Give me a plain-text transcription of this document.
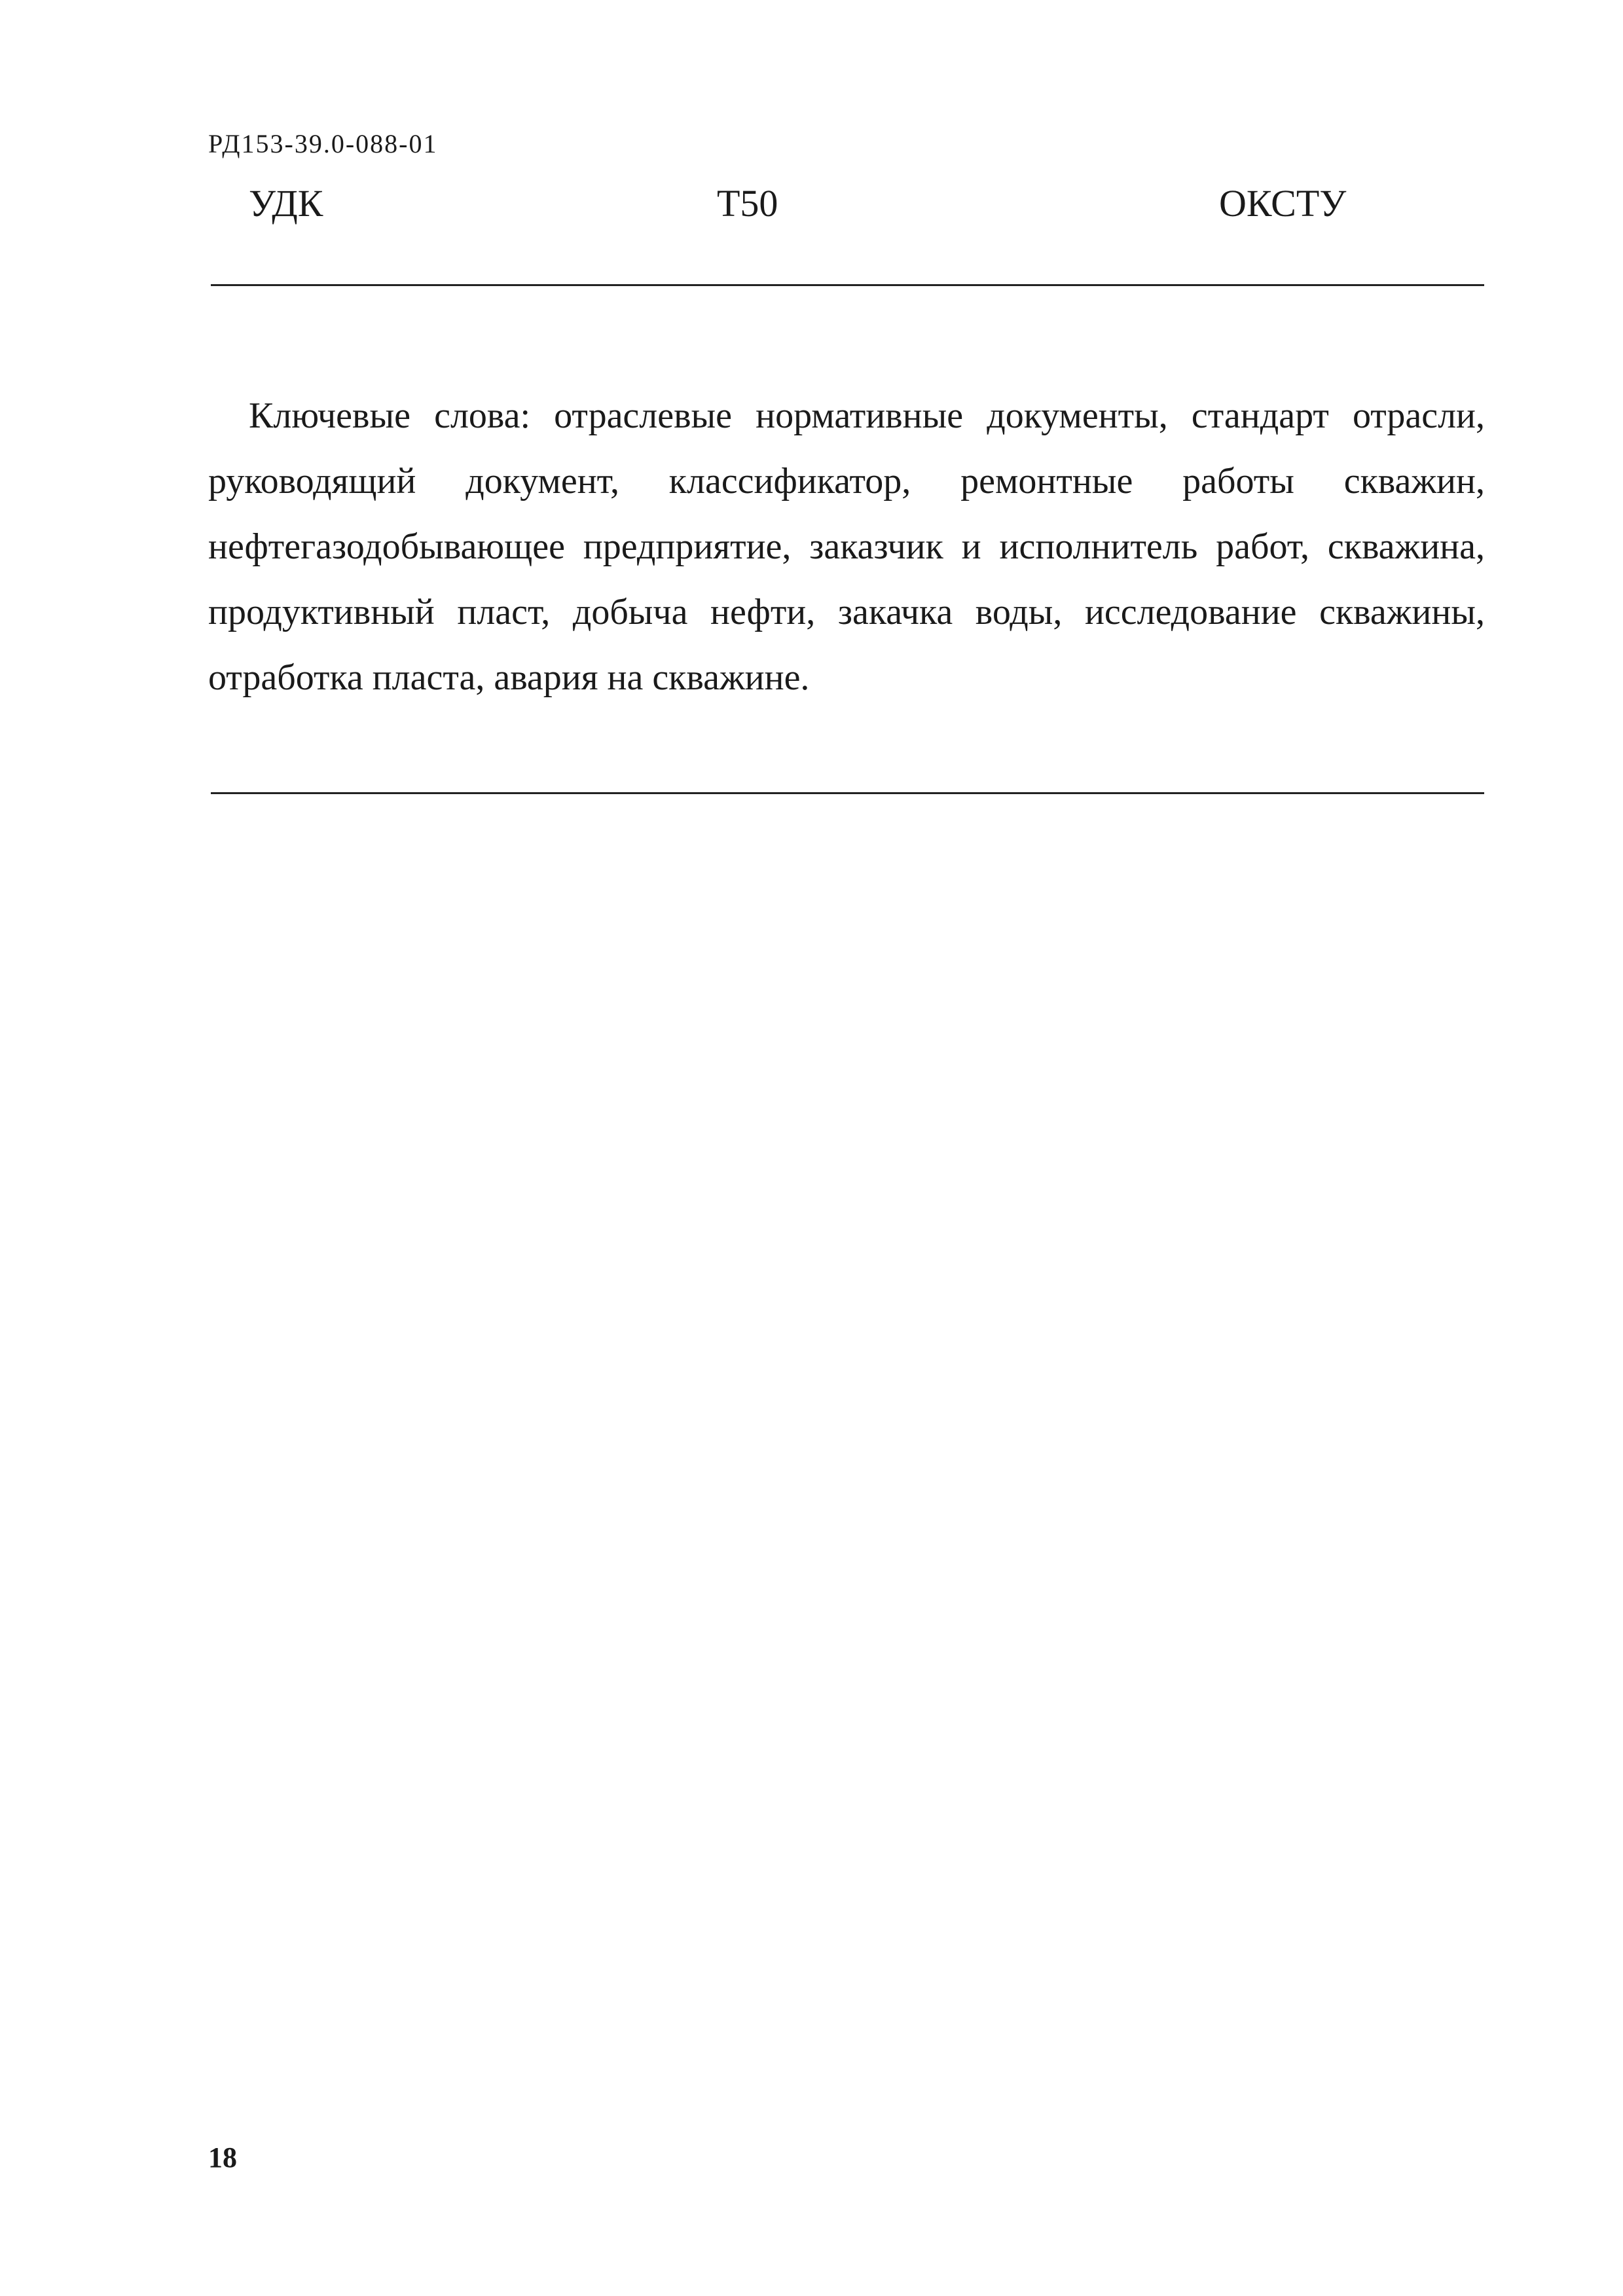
РД153-39.0-088-01
УДК	Т50	ОКСТУ

Ключевые слова: отраслевые нормативные документы, стандарт отрасли, руководящий документ, классификатор, ремонтные работы скважин, нефтегазодобывающее предприятие, заказчик и исполнитель работ, скважина, продуктивный пласт, добыча нефти, закачка воды, исследование скважины, отработка пласта, авария на скважине.

18
